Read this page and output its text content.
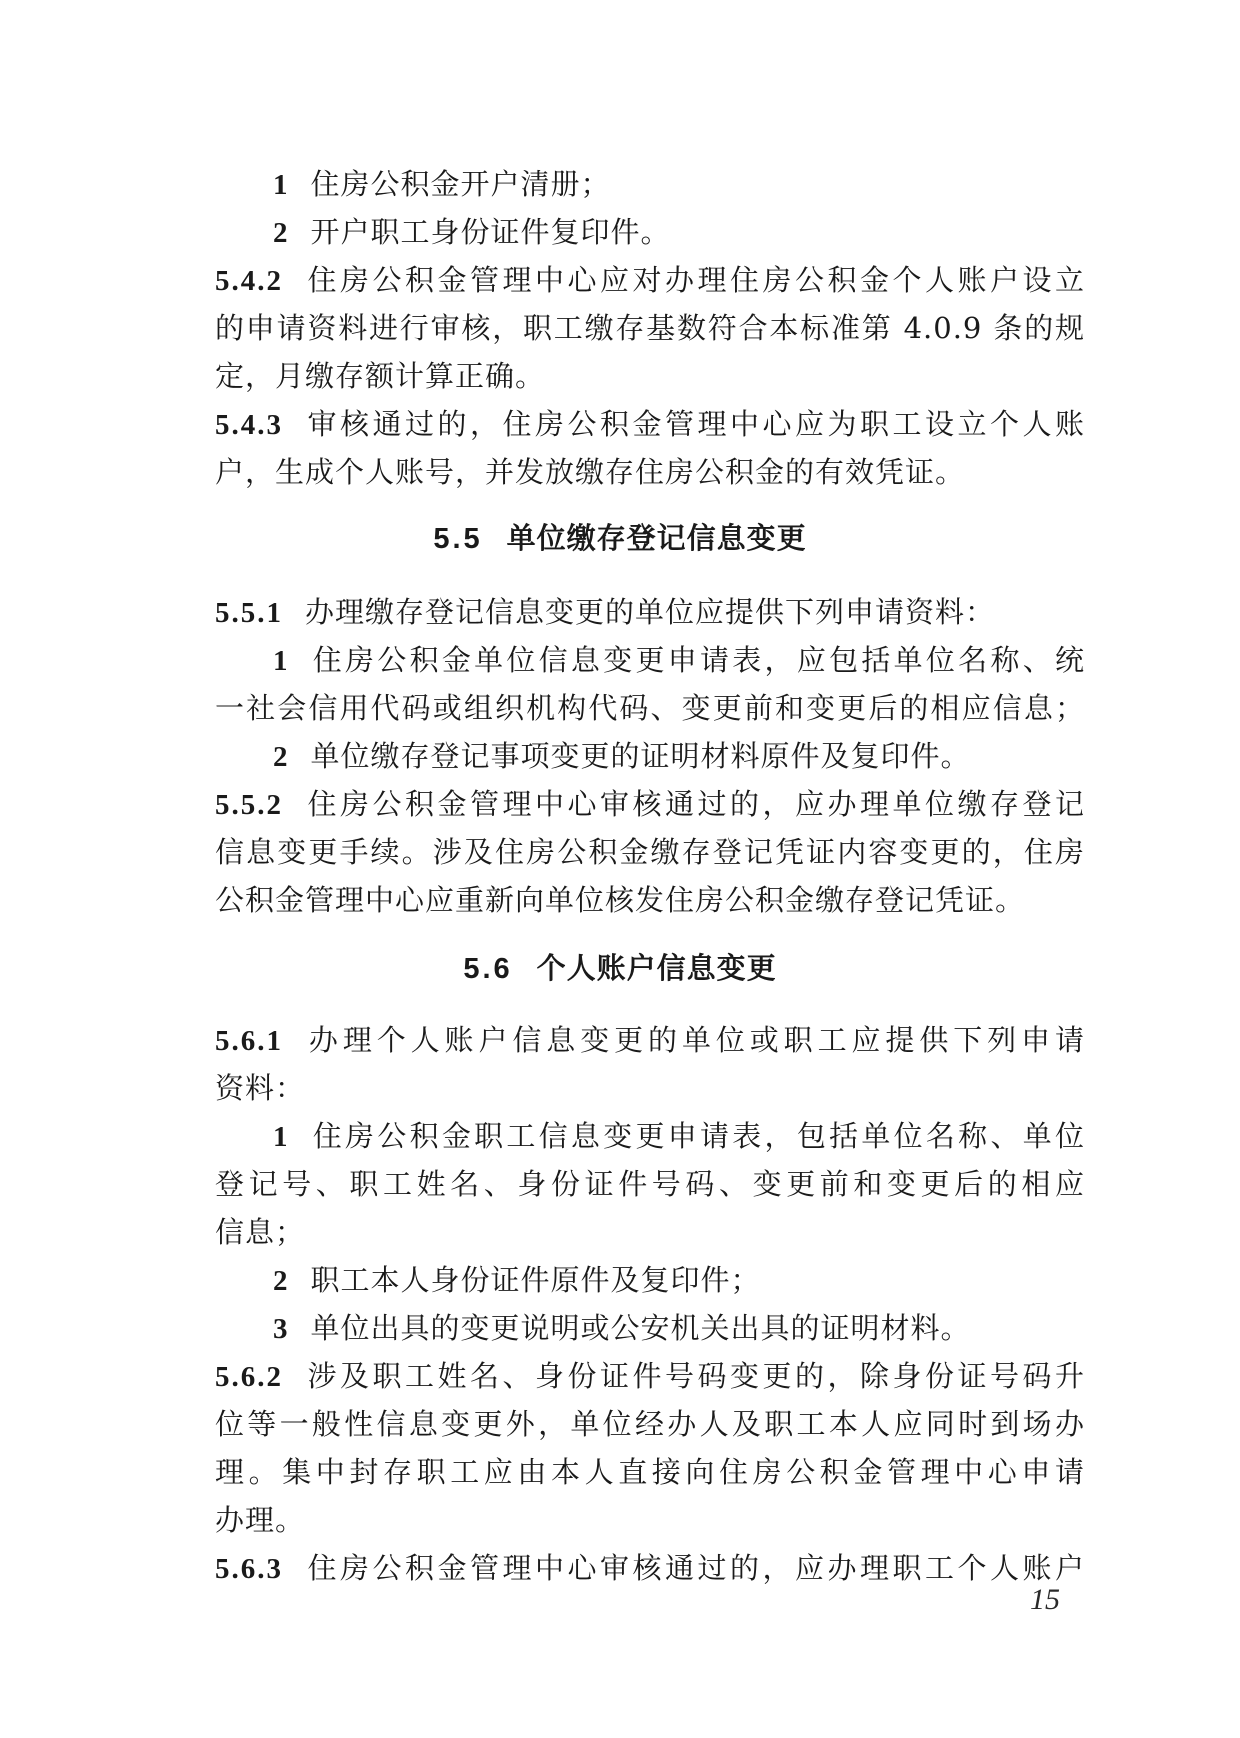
1 住房公积金开户清册；
2 开户职工身份证件复印件。
5.4.2 住房公积金管理中心应对办理住房公积金个人账户设立
的申请资料进行审核，职工缴存基数符合本标准第 4.0.9 条的规
定，月缴存额计算正确。
5.4.3 审核通过的，住房公积金管理中心应为职工设立个人账
户，生成个人账号，并发放缴存住房公积金的有效凭证。
5.5 单位缴存登记信息变更
5.5.1 办理缴存登记信息变更的单位应提供下列申请资料：
1 住房公积金单位信息变更申请表，应包括单位名称、统
一社会信用代码或组织机构代码、变更前和变更后的相应信息；
2 单位缴存登记事项变更的证明材料原件及复印件。
5.5.2 住房公积金管理中心审核通过的，应办理单位缴存登记
信息变更手续。涉及住房公积金缴存登记凭证内容变更的，住房
公积金管理中心应重新向单位核发住房公积金缴存登记凭证。
5.6 个人账户信息变更
5.6.1 办理个人账户信息变更的单位或职工应提供下列申请
资料：
1 住房公积金职工信息变更申请表，包括单位名称、单位
登记号、职工姓名、身份证件号码、变更前和变更后的相应
信息；
2 职工本人身份证件原件及复印件；
3 单位出具的变更说明或公安机关出具的证明材料。
5.6.2 涉及职工姓名、身份证件号码变更的，除身份证号码升
位等一般性信息变更外，单位经办人及职工本人应同时到场办
理。集中封存职工应由本人直接向住房公积金管理中心申请
办理。
5.6.3 住房公积金管理中心审核通过的，应办理职工个人账户
15
